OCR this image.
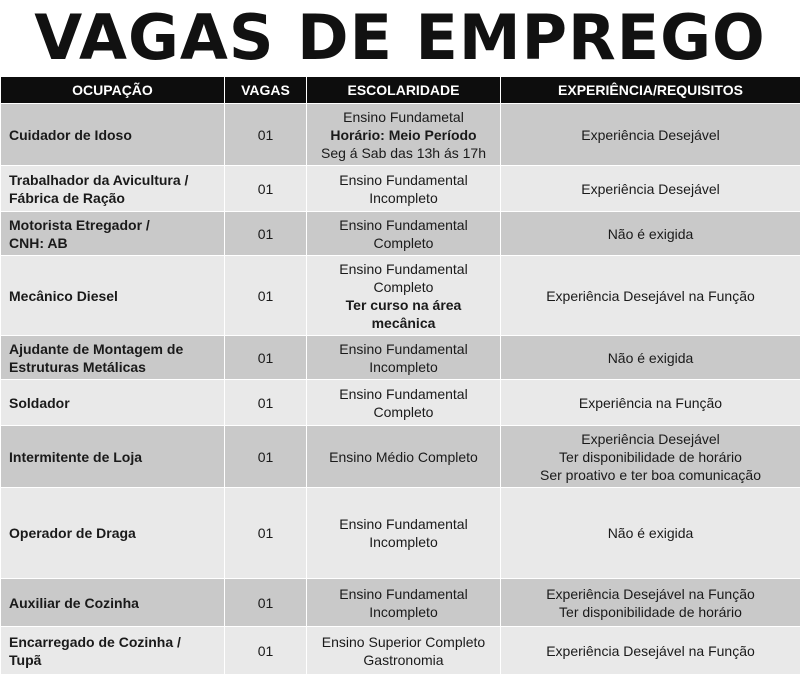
VAGAS DE EMPREGO
OCUPAÇÃO	VAGAS	ESCOLARIDADE	EXPERIÊNCIA/REQUISITOS

Cuidador de Idoso	01	Ensino Fundametal
Horário: Meio Período
Seg á Sab das 13h ás 17h	Experiência Desejável

Trabalhador da Avicultura /
Fábrica de Ração	01	Ensino Fundamental
Incompleto	Experiência Desejável

Motorista Etregador /
CNH: AB	01	Ensino Fundamental
Completo	Não é exigida

Mecânico Diesel	01	Ensino Fundamental
Completo
Ter curso na área
mecânica	Experiência Desejável na Função

Ajudante de Montagem de
Estruturas Metálicas	01	Ensino Fundamental
Incompleto	Não é exigida

Soldador	01	Ensino Fundamental
Completo	Experiência na Função

Intermitente de Loja	01	Ensino Médio Completo	Experiência Desejável
Ter disponibilidade de horário
Ser proativo e ter boa comunicação

Operador de Draga	01	Ensino Fundamental
Incompleto	Não é exigida

Auxiliar de Cozinha	01	Ensino Fundamental
Incompleto	Experiência Desejável na Função
Ter disponibilidade de horário

Encarregado de Cozinha /
Tupã	01	Ensino Superior Completo
Gastronomia	Experiência Desejável na Função
